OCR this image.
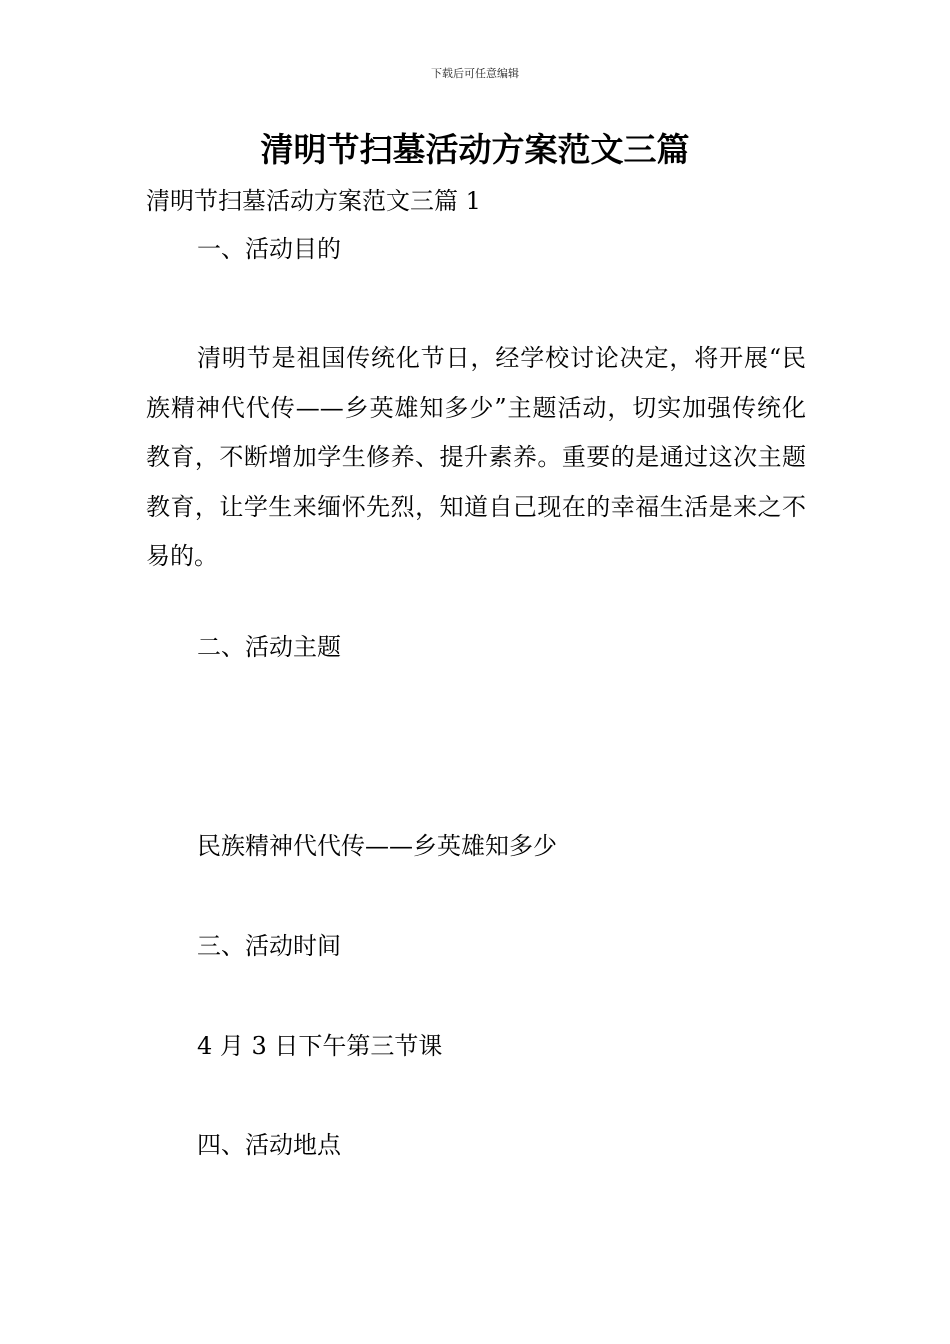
下载后可任意编辑
清明节扫墓活动方案范文三篇

清明节扫墓活动方案范文三篇 1

一、活动目的

清明节是祖国传统化节日，经学校讨论决定，将开展“民族精神代代传——乡英雄知多少”主题活动，切实加强传统化教育，不断增加学生修养、提升素养。重要的是通过这次主题教育，让学生来缅怀先烈，知道自己现在的幸福生活是来之不易的。

二、活动主题

民族精神代代传——乡英雄知多少

三、活动时间

4 月 3 日下午第三节课

四、活动地点
